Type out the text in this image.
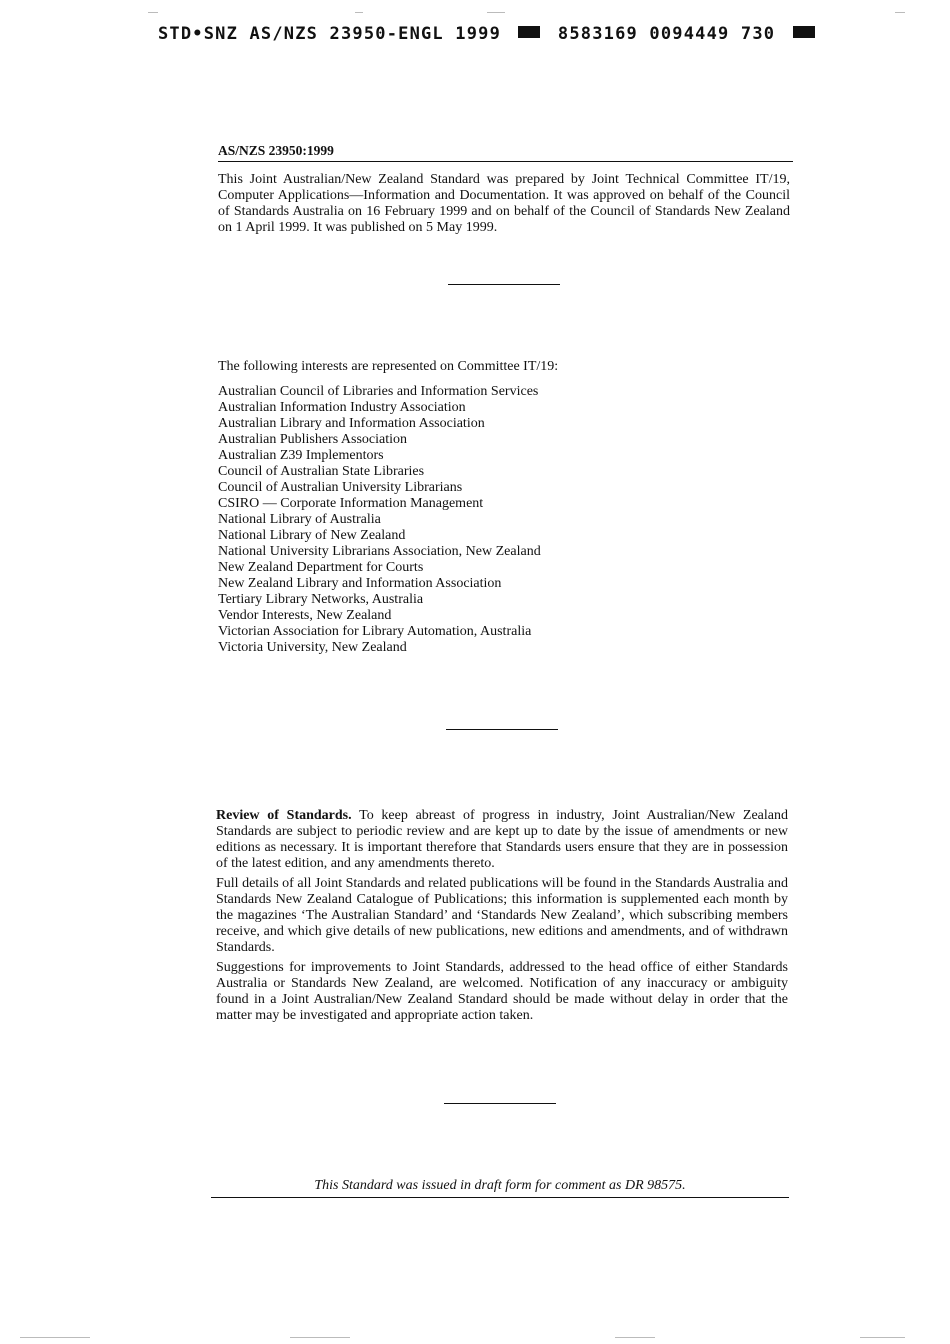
STD•SNZ AS/NZS 23950-ENGL 1999	8583169 0094449 730
AS/NZS 23950:1999
This Joint Australian/New Zealand Standard was prepared by Joint Technical Committee IT/19, Computer Applications—Information and Documentation. It was approved on behalf of the Council of Standards Australia on 16 February 1999 and on behalf of the Council of Standards New Zealand on 1 April 1999. It was published on 5 May 1999.
The following interests are represented on Committee IT/19:
Australian Council of Libraries and Information Services
Australian Information Industry Association
Australian Library and Information Association
Australian Publishers Association
Australian Z39 Implementors
Council of Australian State Libraries
Council of Australian University Librarians
CSIRO — Corporate Information Management
National Library of Australia
National Library of New Zealand
National University Librarians Association, New Zealand
New Zealand Department for Courts
New Zealand Library and Information Association
Tertiary Library Networks, Australia
Vendor Interests, New Zealand
Victorian Association for Library Automation, Australia
Victoria University, New Zealand

Review of Standards. To keep abreast of progress in industry, Joint Australian/New Zealand Standards are subject to periodic review and are kept up to date by the issue of amendments or new editions as necessary. It is important therefore that Standards users ensure that they are in possession of the latest edition, and any amendments thereto.

Full details of all Joint Standards and related publications will be found in the Standards Australia and Standards New Zealand Catalogue of Publications; this information is supplemented each month by the magazines ‘The Australian Standard’ and ‘Standards New Zealand’, which subscribing members receive, and which give details of new publications, new editions and amendments, and of withdrawn Standards.

Suggestions for improvements to Joint Standards, addressed to the head office of either Standards Australia or Standards New Zealand, are welcomed. Notification of any inaccuracy or ambiguity found in a Joint Australian/New Zealand Standard should be made without delay in order that the matter may be investigated and appropriate action taken.

This Standard was issued in draft form for comment as DR 98575.
